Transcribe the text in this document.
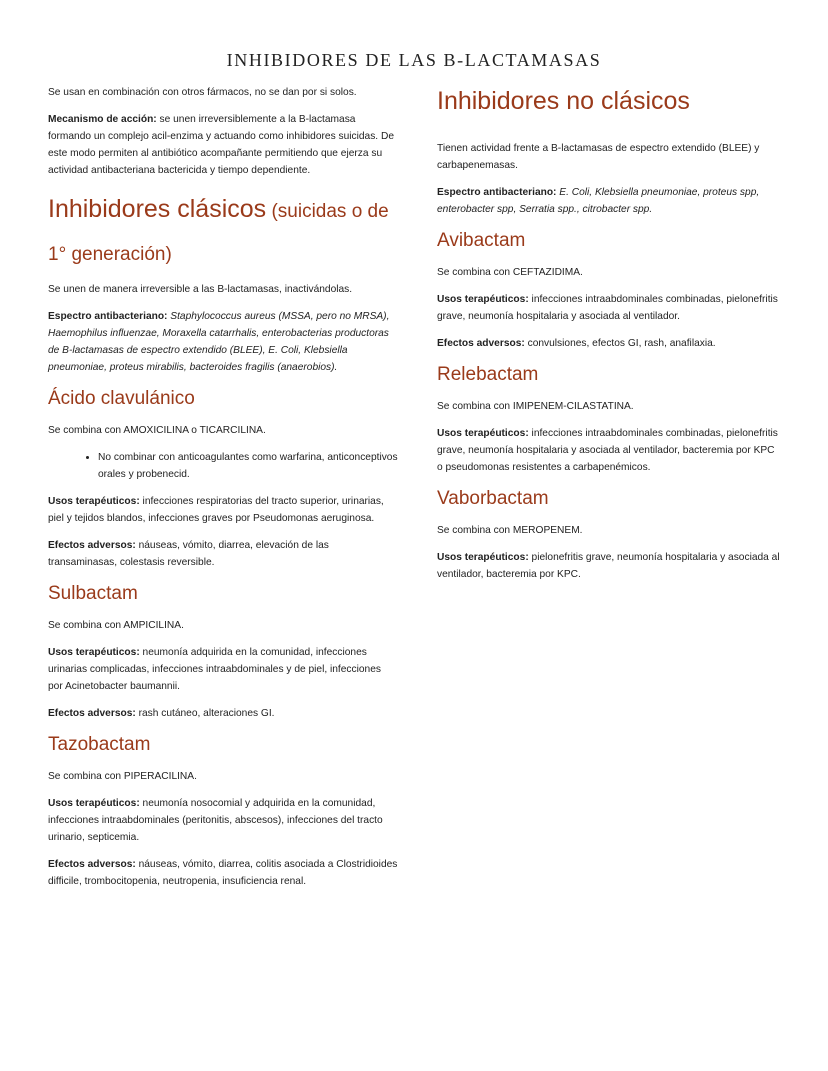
INHIBIDORES DE LAS B-LACTAMASAS

Se usan en combinación con otros fármacos, no se dan por si solos.

Mecanismo de acción: se unen irreversiblemente a la B-lactamasa formando un complejo acil-enzima y actuando como inhibidores suicidas. De este modo permiten al antibiótico acompañante permitiendo que ejerza su actividad antibacteriana bactericida y tiempo dependiente.

Inhibidores clásicos (suicidas o de 1° generación)

Se unen de manera irreversible a las B-lactamasas, inactivándolas.

Espectro antibacteriano: Staphylococcus aureus (MSSA, pero no MRSA), Haemophilus influenzae, Moraxella catarrhalis, enterobacterias productoras de B-lactamasas de espectro extendido (BLEE), E. Coli, Klebsiella pneumoniae, proteus mirabilis, bacteroides fragilis (anaerobios).

Ácido clavulánico

Se combina con AMOXICILINA o TICARCILINA.

• No combinar con anticoagulantes como warfarina, anticonceptivos orales y probenecid.

Usos terapéuticos: infecciones respiratorias del tracto superior, urinarias, piel y tejidos blandos, infecciones graves por Pseudomonas aeruginosa.

Efectos adversos: náuseas, vómito, diarrea, elevación de las transaminasas, colestasis reversible.

Sulbactam

Se combina con AMPICILINA.

Usos terapéuticos: neumonía adquirida en la comunidad, infecciones urinarias complicadas, infecciones intraabdominales y de piel, infecciones por Acinetobacter baumannii.

Efectos adversos: rash cutáneo, alteraciones GI.

Tazobactam

Se combina con PIPERACILINA.

Usos terapéuticos: neumonía nosocomial y adquirida en la comunidad, infecciones intraabdominales (peritonitis, abscesos), infecciones del tracto urinario, septicemia.

Efectos adversos: náuseas, vómito, diarrea, colitis asociada a Clostridioides difficile, trombocitopenia, neutropenia, insuficiencia renal.

Inhibidores no clásicos

Tienen actividad frente a B-lactamasas de espectro extendido (BLEE) y carbapenemasas.

Espectro antibacteriano: E. Coli, Klebsiella pneumoniae, proteus spp, enterobacter spp, Serratia spp., citrobacter spp.

Avibactam

Se combina con CEFTAZIDIMA.

Usos terapéuticos: infecciones intraabdominales combinadas, pielonefritis grave, neumonía hospitalaria y asociada al ventilador.

Efectos adversos: convulsiones, efectos GI, rash, anafilaxia.

Relebactam

Se combina con IMIPENEM-CILASTATINA.

Usos terapéuticos: infecciones intraabdominales combinadas, pielonefritis grave, neumonía hospitalaria y asociada al ventilador, bacteremia por KPC o pseudomonas resistentes a carbapenémicos.

Vaborbactam

Se combina con MEROPENEM.

Usos terapéuticos: pielonefritis grave, neumonía hospitalaria y asociada al ventilador, bacteremia por KPC.
